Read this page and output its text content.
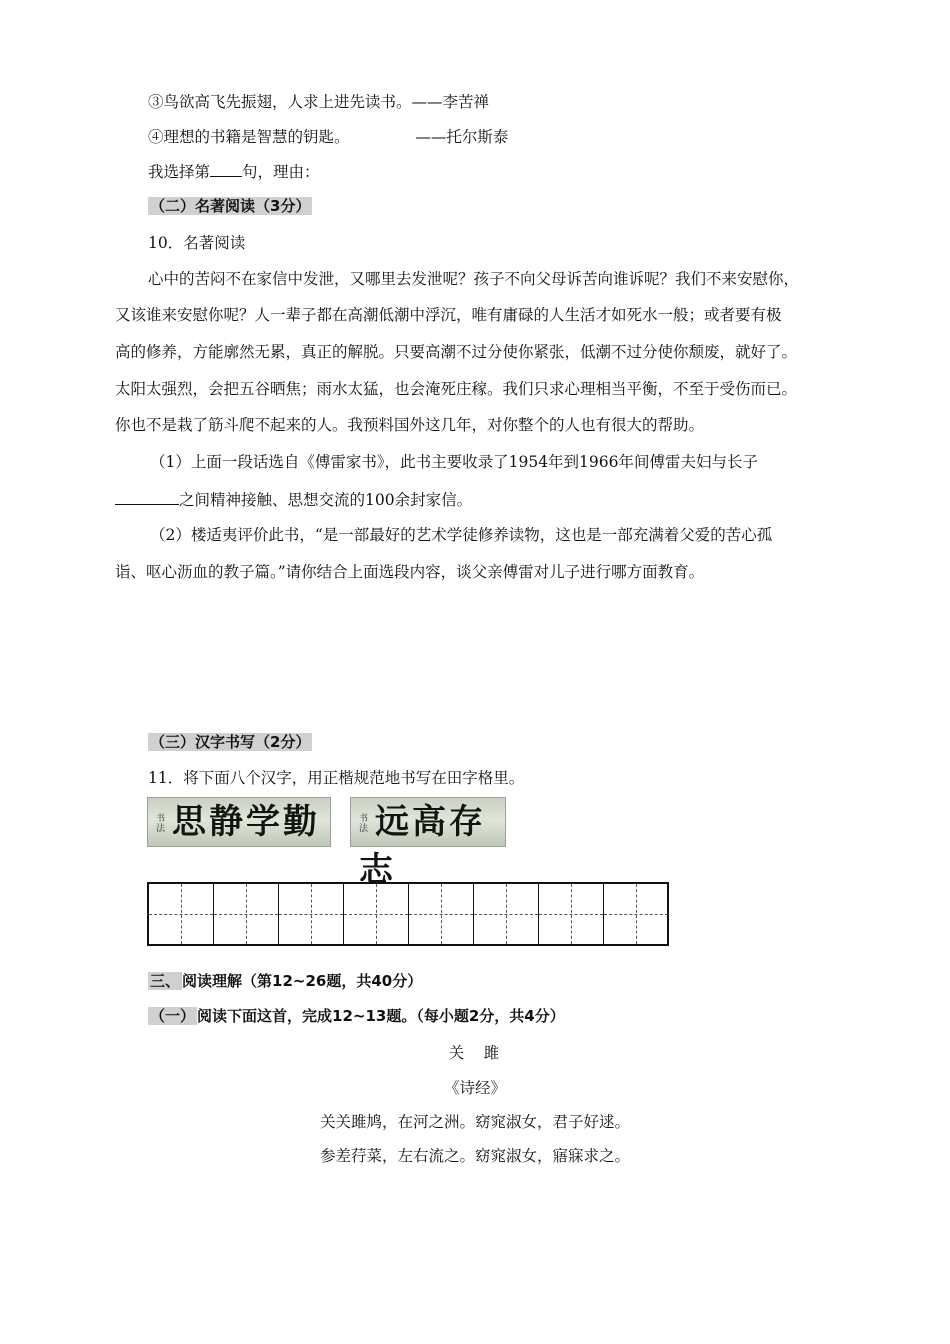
③鸟欲高飞先振翅，人求上进先读书。——李苦禅
④理想的书籍是智慧的钥匙。	——托尔斯泰
我选择第 句，理由：
（二）名著阅读（3分）
10．名著阅读
心中的苦闷不在家信中发泄，又哪里去发泄呢？孩子不向父母诉苦向谁诉呢？我们不来安慰你，
又该谁来安慰你呢？人一辈子都在高潮低潮中浮沉，唯有庸碌的人生活才如死水一般；或者要有极
高的修养，方能廓然无累，真正的解脱。只要高潮不过分使你紧张，低潮不过分使你颓废，就好了。
太阳太强烈，会把五谷晒焦；雨水太猛，也会淹死庄稼。我们只求心理相当平衡，不至于受伤而已。
你也不是栽了筋斗爬不起来的人。我预料国外这几年，对你整个的人也有很大的帮助。
（1）上面一段话选自《傅雷家书》，此书主要收录了1954年到1966年间傅雷夫妇与长子
之间精神接触、思想交流的100余封家信。
（2）楼适夷评价此书，“是一部最好的艺术学徒修养读物，这也是一部充满着父爱的苦心孤
诣、呕心沥血的教子篇。”请你结合上面选段内容，谈父亲傅雷对儿子进行哪方面教育。
（三）汉字书写（2分）
11．将下面八个汉字，用正楷规范地书写在田字格里。
书法 思静学勤	书法 远高存志
三、 阅读理解（第12~26题，共40分）
（一） 阅读下面这首，完成12~13题。（每小题2分，共4分）
关　雎
《诗经》
关关雎鸠，在河之洲。窈窕淑女，君子好逑。
参差荇菜，左右流之。窈窕淑女，寤寐求之。
